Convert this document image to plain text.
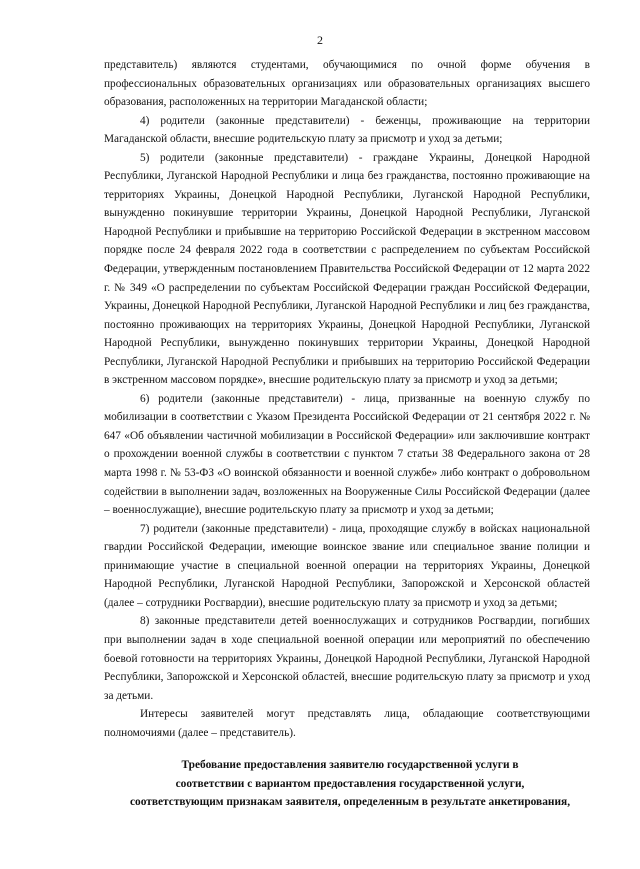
2

представитель) являются студентами, обучающимися по очной форме обучения в профессиональных образовательных организациях или образовательных организациях высшего образования, расположенных на территории Магаданской области;

4) родители (законные представители) - беженцы, проживающие на территории Магаданской области, внесшие родительскую плату за присмотр и уход за детьми;

5) родители (законные представители) - граждане Украины, Донецкой Народной Республики, Луганской Народной Республики и лица без гражданства, постоянно проживающие на территориях Украины, Донецкой Народной Республики, Луганской Народной Республики, вынужденно покинувшие территории Украины, Донецкой Народной Республики, Луганской Народной Республики и прибывшие на территорию Российской Федерации в экстренном массовом порядке после 24 февраля 2022 года в соответствии с распределением по субъектам Российской Федерации, утвержденным постановлением Правительства Российской Федерации от 12 марта 2022 г. № 349 «О распределении по субъектам Российской Федерации граждан Российской Федерации, Украины, Донецкой Народной Республики, Луганской Народной Республики и лиц без гражданства, постоянно проживающих на территориях Украины, Донецкой Народной Республики, Луганской Народной Республики, вынужденно покинувших территории Украины, Донецкой Народной Республики, Луганской Народной Республики и прибывших на территорию Российской Федерации в экстренном массовом порядке», внесшие родительскую плату за присмотр и уход за детьми;

6) родители (законные представители) - лица, призванные на военную службу по мобилизации в соответствии с Указом Президента Российской Федерации от 21 сентября 2022 г. № 647 «Об объявлении частичной мобилизации в Российской Федерации» или заключившие контракт о прохождении военной службы в соответствии с пунктом 7 статьи 38 Федерального закона от 28 марта 1998 г. № 53-ФЗ «О воинской обязанности и военной службе» либо контракт о добровольном содействии в выполнении задач, возложенных на Вооруженные Силы Российской Федерации (далее – военнослужащие), внесшие родительскую плату за присмотр и уход за детьми;

7) родители (законные представители) - лица, проходящие службу в войсках национальной гвардии Российской Федерации, имеющие воинское звание или специальное звание полиции и принимающие участие в специальной военной операции на территориях Украины, Донецкой Народной Республики, Луганской Народной Республики, Запорожской и Херсонской областей (далее – сотрудники Росгвардии), внесшие родительскую плату за присмотр и уход за детьми;

8) законные представители детей военнослужащих и сотрудников Росгвардии, погибших при выполнении задач в ходе специальной военной операции или мероприятий по обеспечению боевой готовности на территориях Украины, Донецкой Народной Республики, Луганской Народной Республики, Запорожской и Херсонской областей, внесшие родительскую плату за присмотр и уход за детьми.

Интересы заявителей могут представлять лица, обладающие соответствующими полномочиями (далее – представитель).

Требование предоставления заявителю государственной услуги в
соответствии с вариантом предоставления государственной услуги,
соответствующим признакам заявителя, определенным в результате анкетирования,
